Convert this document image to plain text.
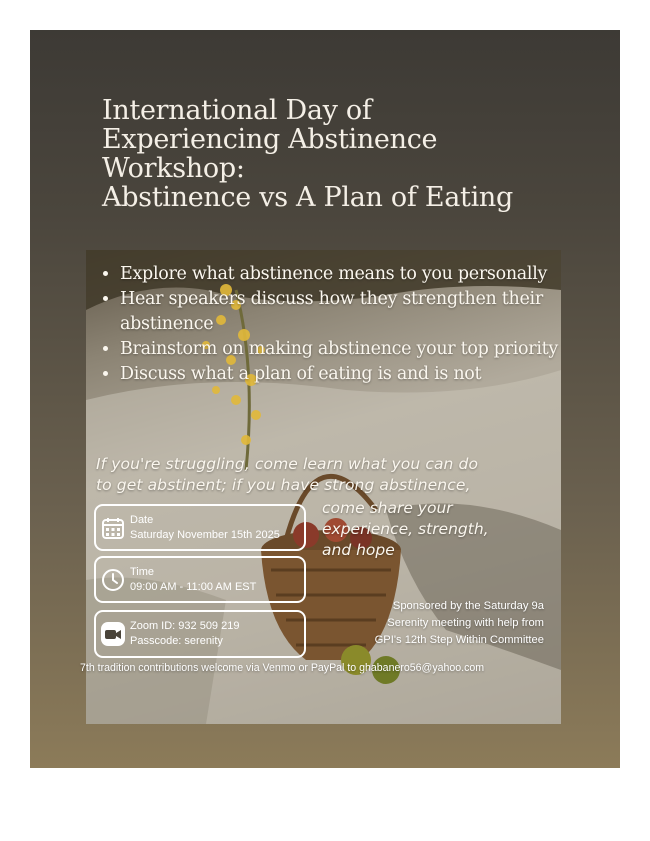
International Day of
Experiencing Abstinence
Workshop:
Abstinence vs A Plan of Eating
• Explore what abstinence means to you personally
• Hear speakers discuss how they strengthen their abstinence
• Brainstorm on making abstinence your top priority
• Discuss what a plan of eating is and is not
If you're struggling, come learn what you can do
to get abstinent; if you have strong abstinence,
come share your
experience, strength,
and hope
Date
Saturday November 15th 2025
Time
09:00 AM - 11:00 AM EST
Zoom ID: 932 509 219
Passcode: serenity
Sponsored by the Saturday 9a
Serenity meeting with help from
GPI's 12th Step Within Committee
7th tradition contributions welcome via Venmo or PayPal to ghabanero56@yahoo.com
